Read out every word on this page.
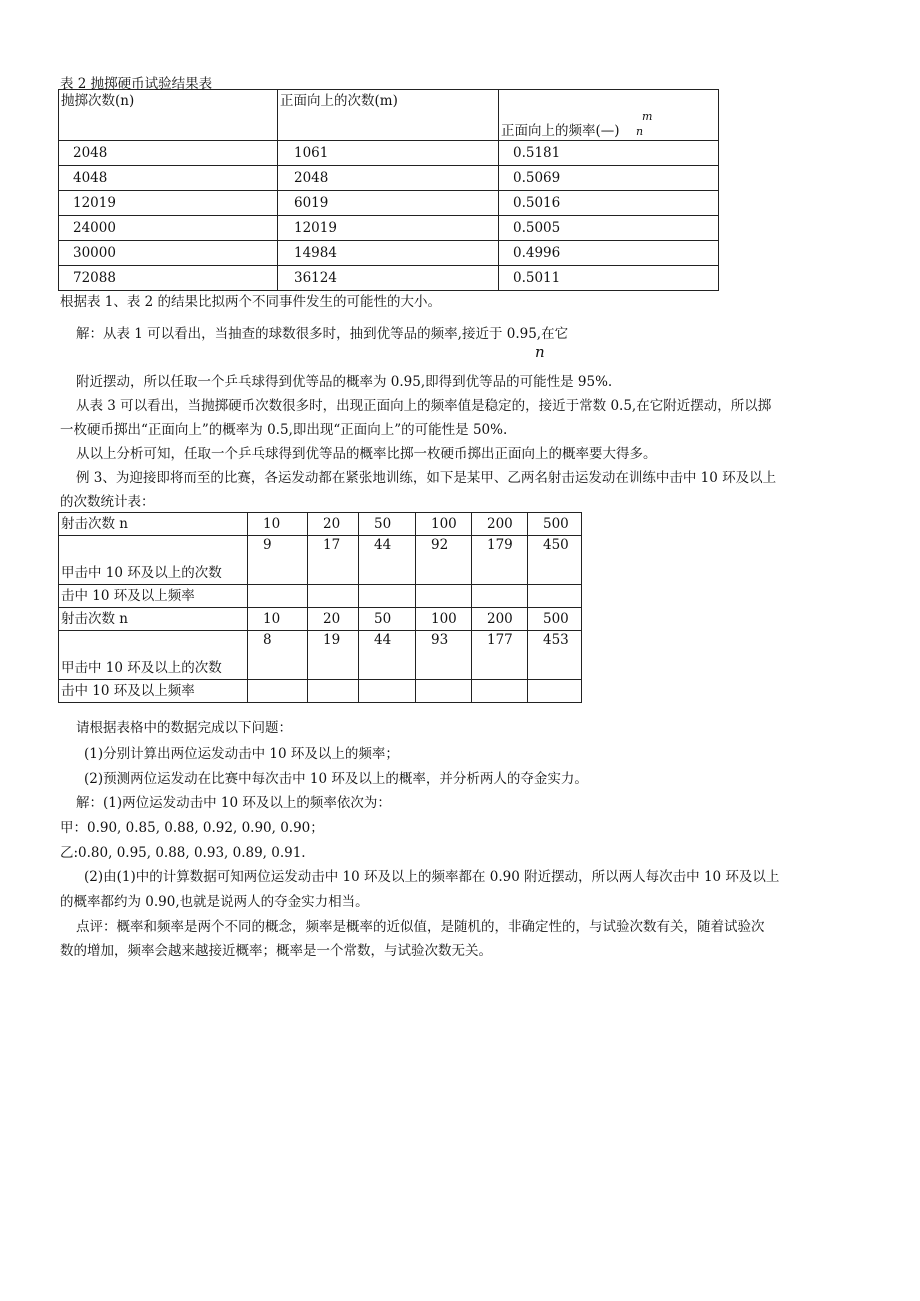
表 2 抛掷硬币试验结果表
抛掷次数(n)	正面向上的次数(m)	正面向上的频率(—)
m
n

2048	1061	0.5181
4048	2048	0.5069
12019	6019	0.5016
24000	12019	0.5005
30000	14984	0.4996
72088	36124	0.5011
根据表 1、表 2 的结果比拟两个不同事件发生的可能性的大小。
解：从表 1 可以看出，当抽查的球数很多时，抽到优等品的频率,接近于 0.95,在它
n
附近摆动，所以任取一个乒乓球得到优等品的概率为 0.95,即得到优等品的可能性是 95%.
从表 3 可以看出，当抛掷硬币次数很多时，出现正面向上的频率值是稳定的，接近于常数 0.5,在它附近摆动，所以掷
一枚硬币掷出“正面向上”的概率为 0.5,即出现“正面向上”的可能性是 50%.
从以上分析可知，任取一个乒乓球得到优等品的概率比掷一枚硬币掷出正面向上的概率要大得多。
例 3、为迎接即将而至的比赛，各运发动都在紧张地训练，如下是某甲、乙两名射击运发动在训练中击中 10 环及以上
的次数统计表：
射击次数 n	10	20	50	100	200	500
甲击中 10 环及以上的次数	9	17	44	92	179	450
击中 10 环及以上频率						
射击次数 n	10	20	50	100	200	500
甲击中 10 环及以上的次数	8	19	44	93	177	453
击中 10 环及以上频率						
请根据表格中的数据完成以下问题：
(1)分别计算出两位运发动击中 10 环及以上的频率；
(2)预测两位运发动在比赛中每次击中 10 环及以上的概率，并分析两人的夺金实力。
解：(1)两位运发动击中 10 环及以上的频率依次为：
甲：0.90, 0.85, 0.88, 0.92, 0.90, 0.90；
乙:0.80, 0.95, 0.88, 0.93, 0.89, 0.91.
(2)由(1)中的计算数据可知两位运发动击中 10 环及以上的频率都在 0.90 附近摆动，所以两人每次击中 10 环及以上
的概率都约为 0.90,也就是说两人的夺金实力相当。
点评：概率和频率是两个不同的概念，频率是概率的近似值，是随机的，非确定性的，与试验次数有关，随着试验次
数的增加，频率会越来越接近概率；概率是一个常数，与试验次数无关。
